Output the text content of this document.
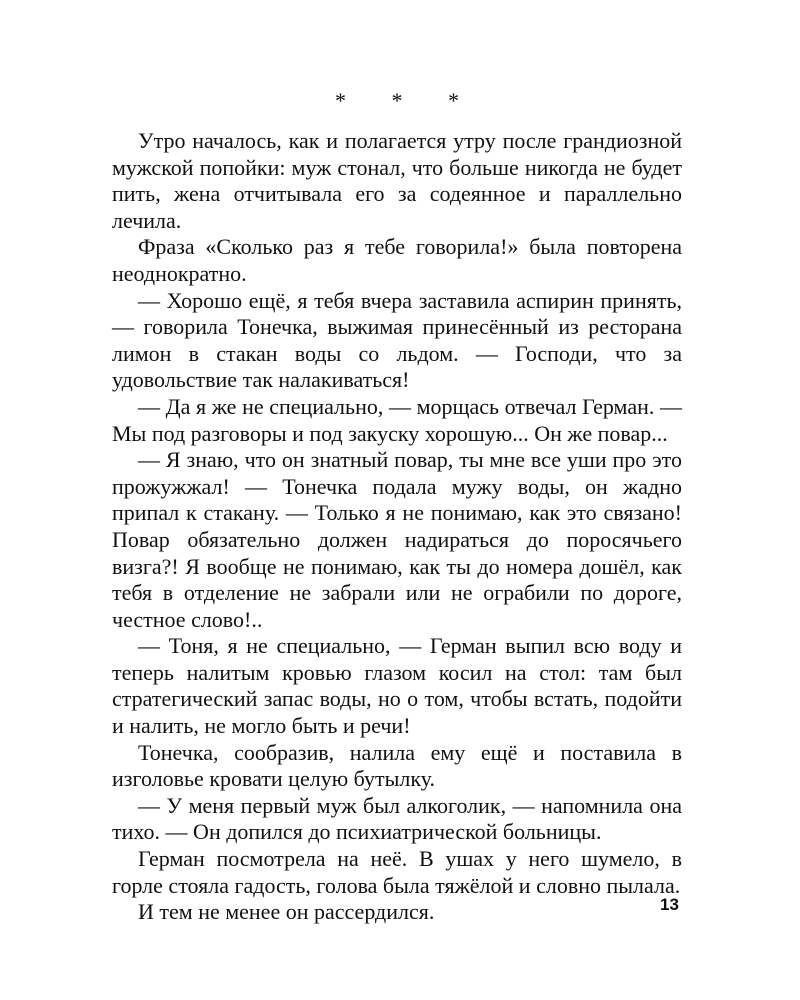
* * *

Утро началось, как и полагается утру после грандиозной мужской попойки: муж стонал, что больше никогда не будет пить, жена отчитывала его за содеянное и параллельно лечила.

Фраза «Сколько раз я тебе говорила!» была повторена неоднократно.

— Хорошо ещё, я тебя вчера заставила аспирин принять, — говорила Тонечка, выжимая принесённый из ресторана лимон в стакан воды со льдом. — Господи, что за удовольствие так налакиваться!

— Да я же не специально, — морщась отвечал Герман. — Мы под разговоры и под закуску хорошую... Он же повар...

— Я знаю, что он знатный повар, ты мне все уши про это прожужжал! — Тонечка подала мужу воды, он жадно припал к стакану. — Только я не понимаю, как это связано! Повар обязательно должен надираться до поросячьего визга?! Я вообще не понимаю, как ты до номера дошёл, как тебя в отделение не забрали или не ограбили по дороге, честное слово!..

— Тоня, я не специально, — Герман выпил всю воду и теперь налитым кровью глазом косил на стол: там был стратегический запас воды, но о том, чтобы встать, подойти и налить, не могло быть и речи!

Тонечка, сообразив, налила ему ещё и поставила в изголовье кровати целую бутылку.

— У меня первый муж был алкоголик, — напомнила она тихо. — Он допился до психиатрической больницы.

Герман посмотрела на неё. В ушах у него шумело, в горле стояла гадость, голова была тяжёлой и словно пылала.

И тем не менее он рассердился.	13
